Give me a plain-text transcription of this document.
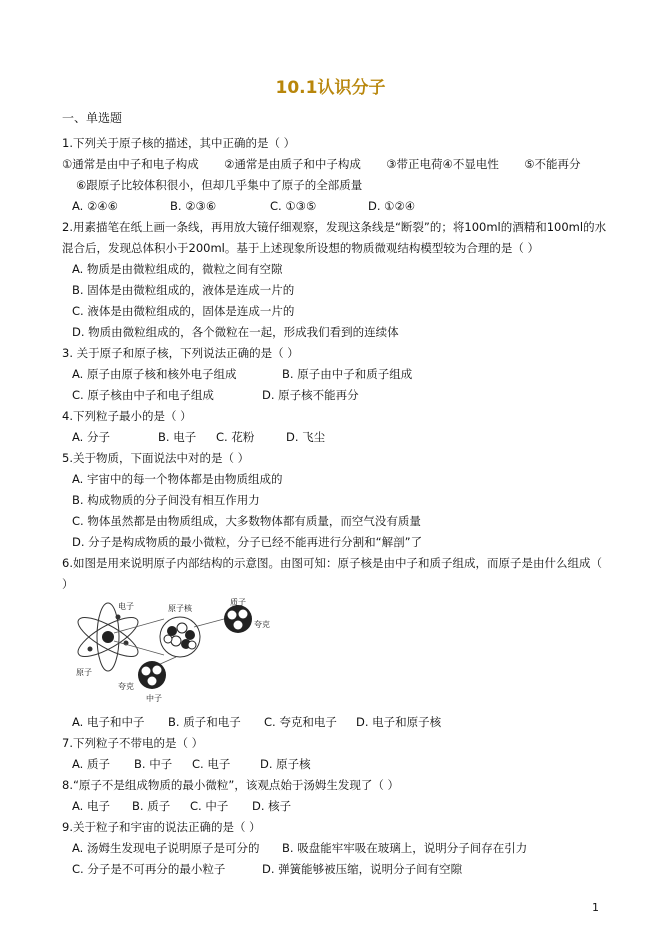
10.1认识分子
一、单选题

1.下列关于原子核的描述，其中正确的是（ ）

①通常是由中子和电子构成 ②通常是由质子和中子构成 ③带正电荷④不显电性 ⑤不能再分

⑥跟原子比较体积很小，但却几乎集中了原子的全部质量

A. ②④⑥	B. ②③⑥	C. ①③⑤	D. ①②④

2.用素描笔在纸上画一条线，再用放大镜仔细观察，发现这条线是“断裂”的；将100ml的酒精和100ml的水混合后，发现总体积小于200ml。基于上述现象所设想的物质微观结构模型较为合理的是（ ）

A. 物质是由微粒组成的，微粒之间有空隙

B. 固体是由微粒组成的，液体是连成一片的

C. 液体是由微粒组成的，固体是连成一片的

D. 物质由微粒组成的，各个微粒在一起，形成我们看到的连续体

3. 关于原子和原子核，下列说法正确的是（ ）

A. 原子由原子核和核外电子组成	B. 原子由中子和质子组成

C. 原子核由中子和电子组成	D. 原子核不能再分

4.下列粒子最小的是（ ）

A. 分子	B. 电子	C. 花粉	D. 飞尘

5.关于物质，下面说法中对的是（ ）

A. 宇宙中的每一个物体都是由物质组成的

B. 构成物质的分子间没有相互作用力

C. 物体虽然都是由物质组成，大多数物体都有质量，而空气没有质量

D. 分子是构成物质的最小微粒，分子已经不能再进行分割和“解剖”了

6.如图是用来说明原子内部结构的示意图。由图可知：原子核是由中子和质子组成，而原子是由什么组成（ ）

电子	原子核
原子
质子
夸克
夸克
中子

A. 电子和中子	B. 质子和电子	C. 夸克和电子	D. 电子和原子核

7.下列粒子不带电的是（ ）

A. 质子	B. 中子	C. 电子	D. 原子核

8.“原子不是组成物质的最小微粒”，该观点始于汤姆生发现了（ ）

A. 电子	B. 质子	C. 中子	D. 核子

9.关于粒子和宇宙的说法正确的是（ ）

A. 汤姆生发现电子说明原子是可分的	B. 吸盘能牢牢吸在玻璃上，说明分子间存在引力

C. 分子是不可再分的最小粒子	D. 弹簧能够被压缩，说明分子间有空隙

1
